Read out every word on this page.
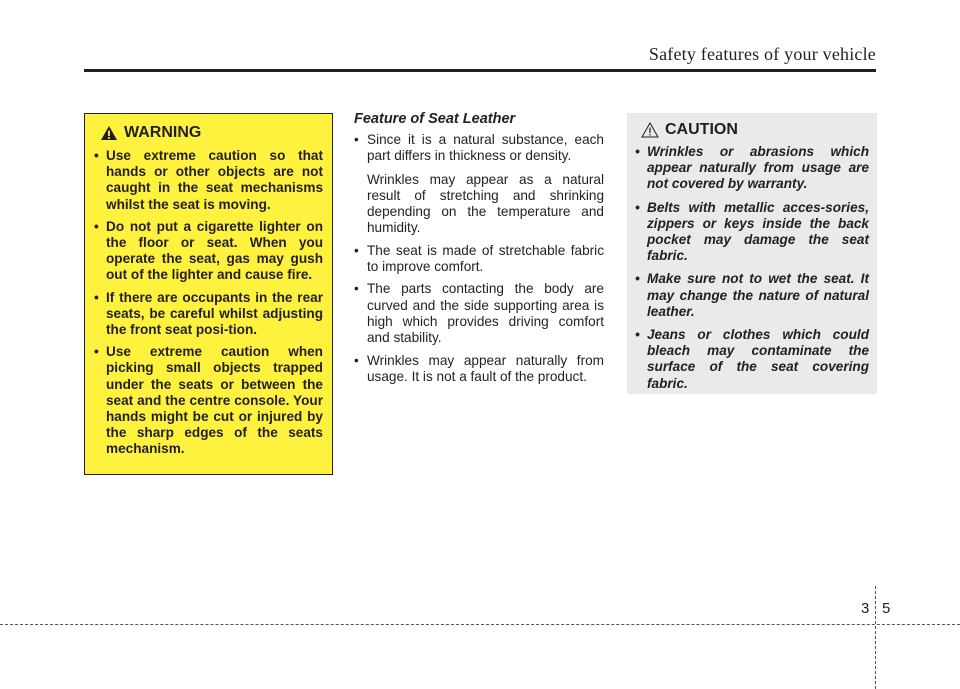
Safety features of your vehicle
WARNING
• Use extreme caution so that hands or other objects are not caught in the seat mechanisms whilst the seat is moving.
• Do not put a cigarette lighter on the floor or seat. When you operate the seat, gas may gush out of the lighter and cause fire.
• If there are occupants in the rear seats, be careful whilst adjusting the front seat posi-tion.
• Use extreme caution when picking small objects trapped under the seats or between the seat and the centre console. Your hands might be cut or injured by the sharp edges of the seats mechanism.
Feature of Seat Leather

• Since it is a natural substance, each part differs in thickness or density.

Wrinkles may appear as a natural result of stretching and shrinking depending on the temperature and humidity.

• The seat is made of stretchable fabric to improve comfort.
• The parts contacting the body are curved and the side supporting area is high which provides driving comfort and stability.
• Wrinkles may appear naturally from usage. It is not a fault of the product.
CAUTION
• Wrinkles or abrasions which appear naturally from usage are not covered by warranty.
• Belts with metallic acces-sories, zippers or keys inside the back pocket may damage the seat fabric.
• Make sure not to wet the seat. It may change the nature of natural leather.
• Jeans or clothes which could bleach may contaminate the surface of the seat covering fabric.
3 5
